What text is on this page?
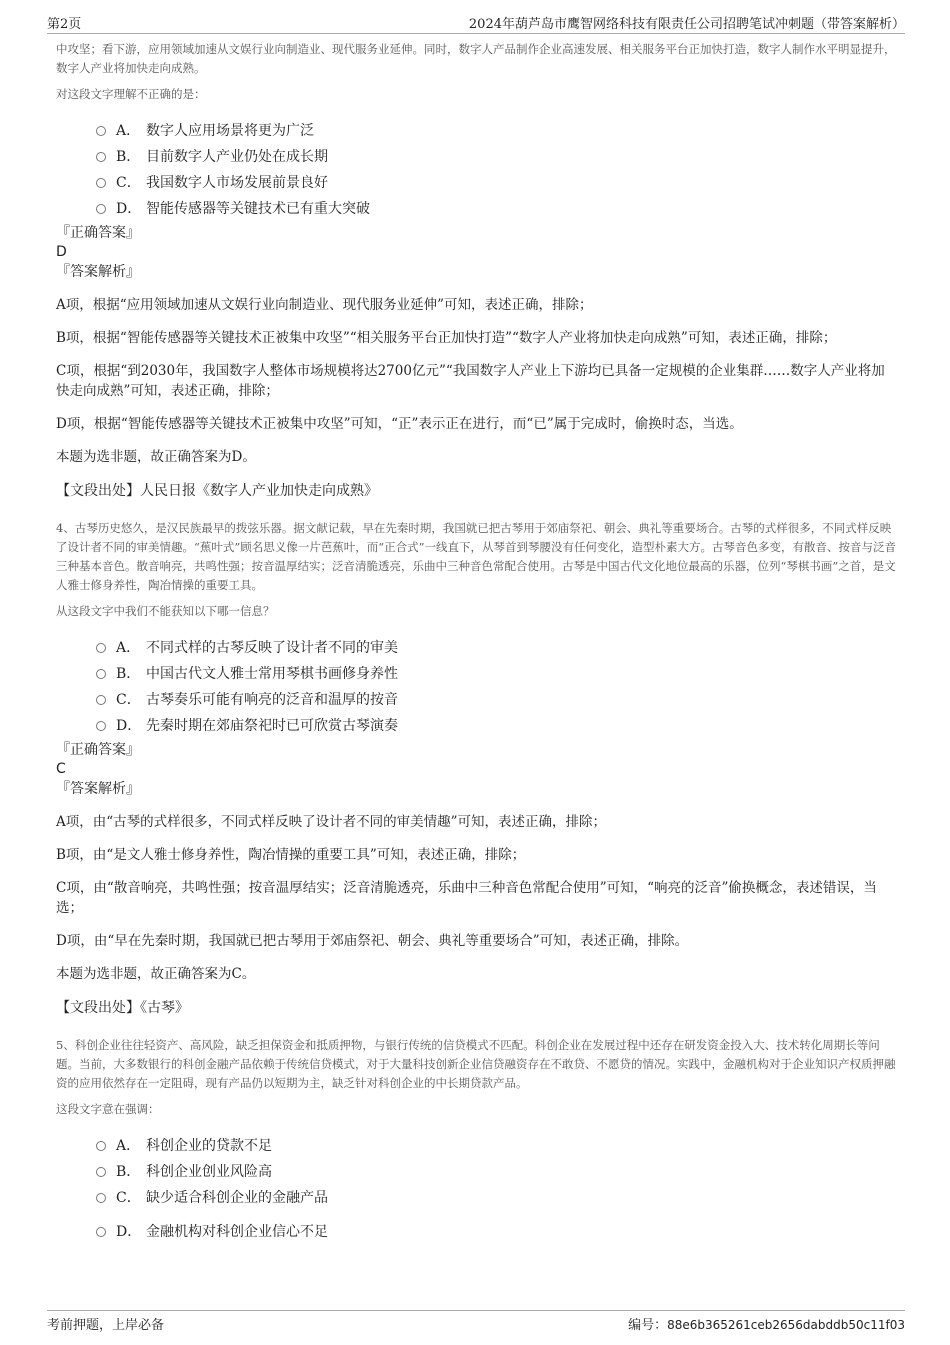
第2页	2024年葫芦岛市鹰智网络科技有限责任公司招聘笔试冲刺题（带答案解析）

中攻坚；看下游，应用领域加速从文娱行业向制造业、现代服务业延伸。同时，数字人产品制作企业高速发展、相关服务平台正加快打造，数字人制作水平明显提升，数字人产业将加快走向成熟。

对这段文字理解不正确的是：

A． 数字人应用场景将更为广泛
B． 目前数字人产业仍处在成长期
C． 我国数字人市场发展前景良好
D． 智能传感器等关键技术已有重大突破

『正确答案』

D

『答案解析』

A项，根据“应用领域加速从文娱行业向制造业、现代服务业延伸”可知，表述正确，排除；

B项，根据“智能传感器等关键技术正被集中攻坚”“相关服务平台正加快打造”“数字人产业将加快走向成熟”可知，表述正确，排除；

C项，根据“到2030年，我国数字人整体市场规模将达2700亿元”“我国数字人产业上下游均已具备一定规模的企业集群……数字人产业将加快走向成熟”可知，表述正确，排除；

D项，根据“智能传感器等关键技术正被集中攻坚”可知，“正”表示正在进行，而“已”属于完成时，偷换时态，当选。

本题为选非题，故正确答案为D。

【文段出处】人民日报《数字人产业加快走向成熟》

4、古琴历史悠久，是汉民族最早的拨弦乐器。据文献记载，早在先秦时期，我国就已把古琴用于郊庙祭祀、朝会、典礼等重要场合。古琴的式样很多，不同式样反映了设计者不同的审美情趣。“蕉叶式”顾名思义像一片芭蕉叶，而“正合式”一线直下，从琴首到琴腰没有任何变化，造型朴素大方。古琴音色多变，有散音、按音与泛音三种基本音色。散音响亮，共鸣性强；按音温厚结实；泛音清脆透亮，乐曲中三种音色常配合使用。古琴是中国古代文化地位最高的乐器，位列“琴棋书画”之首，是文人雅士修身养性，陶冶情操的重要工具。

从这段文字中我们不能获知以下哪一信息？

A． 不同式样的古琴反映了设计者不同的审美
B． 中国古代文人雅士常用琴棋书画修身养性
C． 古琴奏乐可能有响亮的泛音和温厚的按音
D． 先秦时期在郊庙祭祀时已可欣赏古琴演奏

『正确答案』

C

『答案解析』

A项，由“古琴的式样很多，不同式样反映了设计者不同的审美情趣”可知，表述正确，排除；

B项，由“是文人雅士修身养性，陶冶情操的重要工具”可知，表述正确，排除；

C项，由“散音响亮，共鸣性强；按音温厚结实；泛音清脆透亮，乐曲中三种音色常配合使用”可知，“响亮的泛音”偷换概念，表述错误，当选；

D项，由“早在先秦时期，我国就已把古琴用于郊庙祭祀、朝会、典礼等重要场合”可知，表述正确，排除。

本题为选非题，故正确答案为C。

【文段出处】《古琴》

5、科创企业往往轻资产、高风险，缺乏担保资金和抵质押物，与银行传统的信贷模式不匹配。科创企业在发展过程中还存在研发资金投入大、技术转化周期长等问题。当前，大多数银行的科创金融产品依赖于传统信贷模式，对于大量科技创新企业信贷融资存在不敢贷、不愿贷的情况。实践中，金融机构对于企业知识产权质押融资的应用依然存在一定阻碍，现有产品仍以短期为主，缺乏针对科创企业的中长期贷款产品。

这段文字意在强调：

A． 科创企业的贷款不足
B． 科创企业创业风险高
C． 缺少适合科创企业的金融产品
D． 金融机构对科创企业信心不足
考前押题，上岸必备	编号：88e6b365261ceb2656dabddb50c11f03
